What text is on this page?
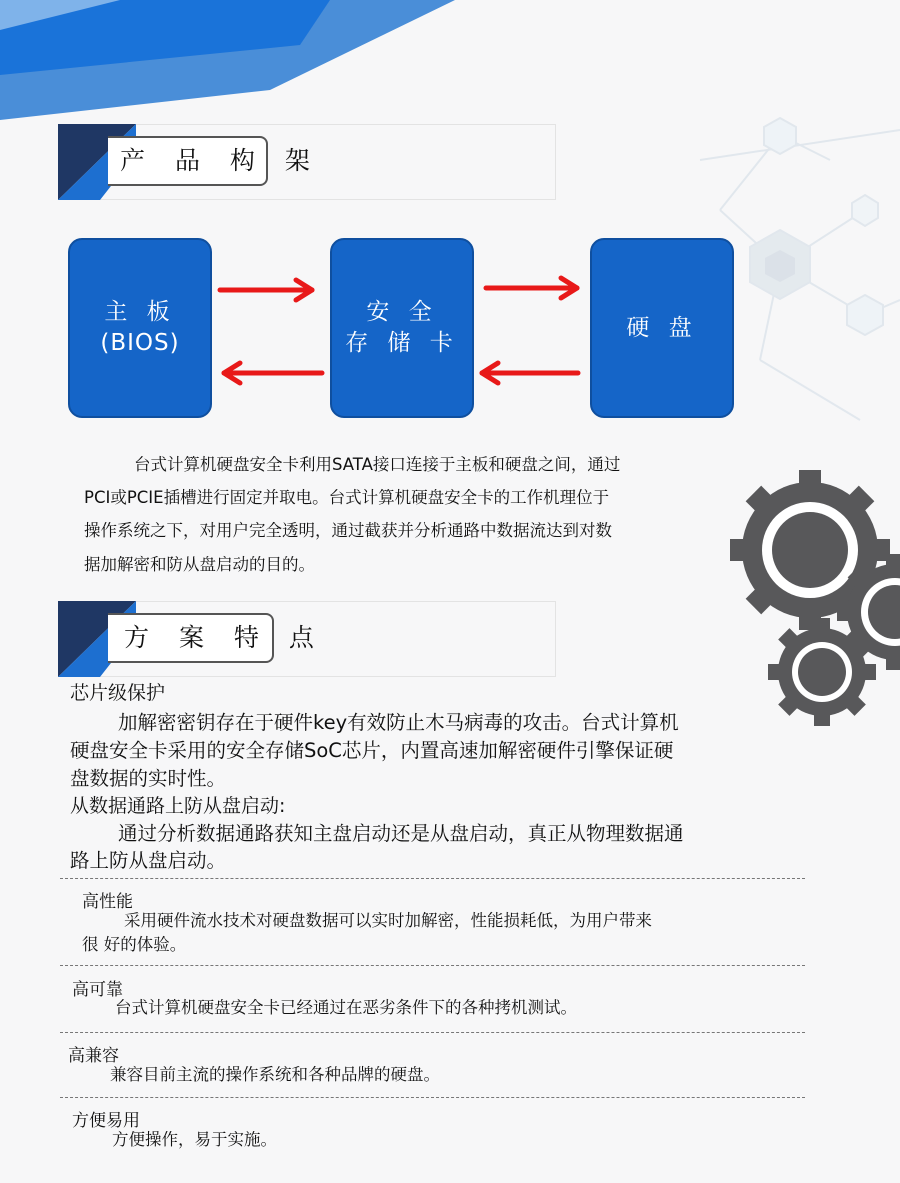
产 品 构 架
主 板
(BIOS)
安 全
存 储 卡
硬 盘
台式计算机硬盘安全卡利用SATA接口连接于主板和硬盘之间，通过
PCI或PCIE插槽进行固定并取电。台式计算机硬盘安全卡的工作机理位于
操作系统之下，对用户完全透明，通过截获并分析通路中数据流达到对数
据加解密和防从盘启动的目的。
方 案 特 点
芯片级保护
加解密密钥存在于硬件key有效防止木马病毒的攻击。台式计算机
硬盘安全卡采用的安全存储SoC芯片，内置高速加解密硬件引擎保证硬
盘数据的实时性。
从数据通路上防从盘启动:
通过分析数据通路获知主盘启动还是从盘启动，真正从物理数据通
路上防从盘启动。
高性能
采用硬件流水技术对硬盘数据可以实时加解密，性能损耗低，为用户带来
很 好的体验。
高可靠
台式计算机硬盘安全卡已经通过在恶劣条件下的各种拷机测试。
高兼容
兼容目前主流的操作系统和各种品牌的硬盘。
方便易用
方便操作，易于实施。
